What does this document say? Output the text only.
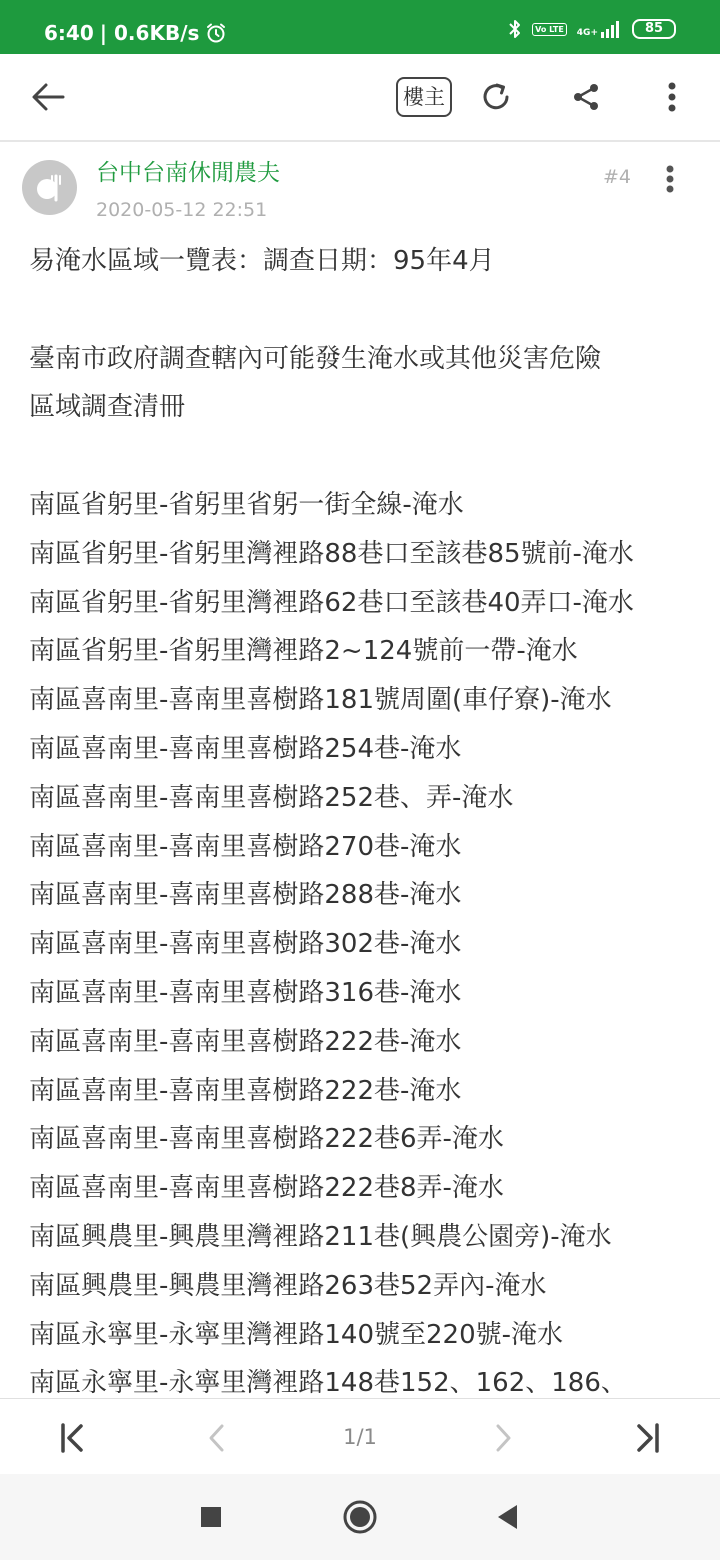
6:40 | 0.6KB/s	Vo LTE	4G+	85
樓主
台中台南休閒農夫
2020-05-12 22:51
#4
易淹水區域一覽表：調查日期：95年4月

臺南市政府調查轄內可能發生淹水或其他災害危險
區域調查清冊

南區省躬里-省躬里省躬一街全線-淹水
南區省躬里-省躬里灣裡路88巷口至該巷85號前-淹水
南區省躬里-省躬里灣裡路62巷口至該巷40弄口-淹水
南區省躬里-省躬里灣裡路2~124號前一帶-淹水
南區喜南里-喜南里喜樹路181號周圍(車仔寮)-淹水
南區喜南里-喜南里喜樹路254巷-淹水
南區喜南里-喜南里喜樹路252巷、弄-淹水
南區喜南里-喜南里喜樹路270巷-淹水
南區喜南里-喜南里喜樹路288巷-淹水
南區喜南里-喜南里喜樹路302巷-淹水
南區喜南里-喜南里喜樹路316巷-淹水
南區喜南里-喜南里喜樹路222巷-淹水
南區喜南里-喜南里喜樹路222巷-淹水
南區喜南里-喜南里喜樹路222巷6弄-淹水
南區喜南里-喜南里喜樹路222巷8弄-淹水
南區興農里-興農里灣裡路211巷(興農公園旁)-淹水
南區興農里-興農里灣裡路263巷52弄內-淹水
南區永寧里-永寧里灣裡路140號至220號-淹水
南區永寧里-永寧里灣裡路148巷152、162、186、
1/1
